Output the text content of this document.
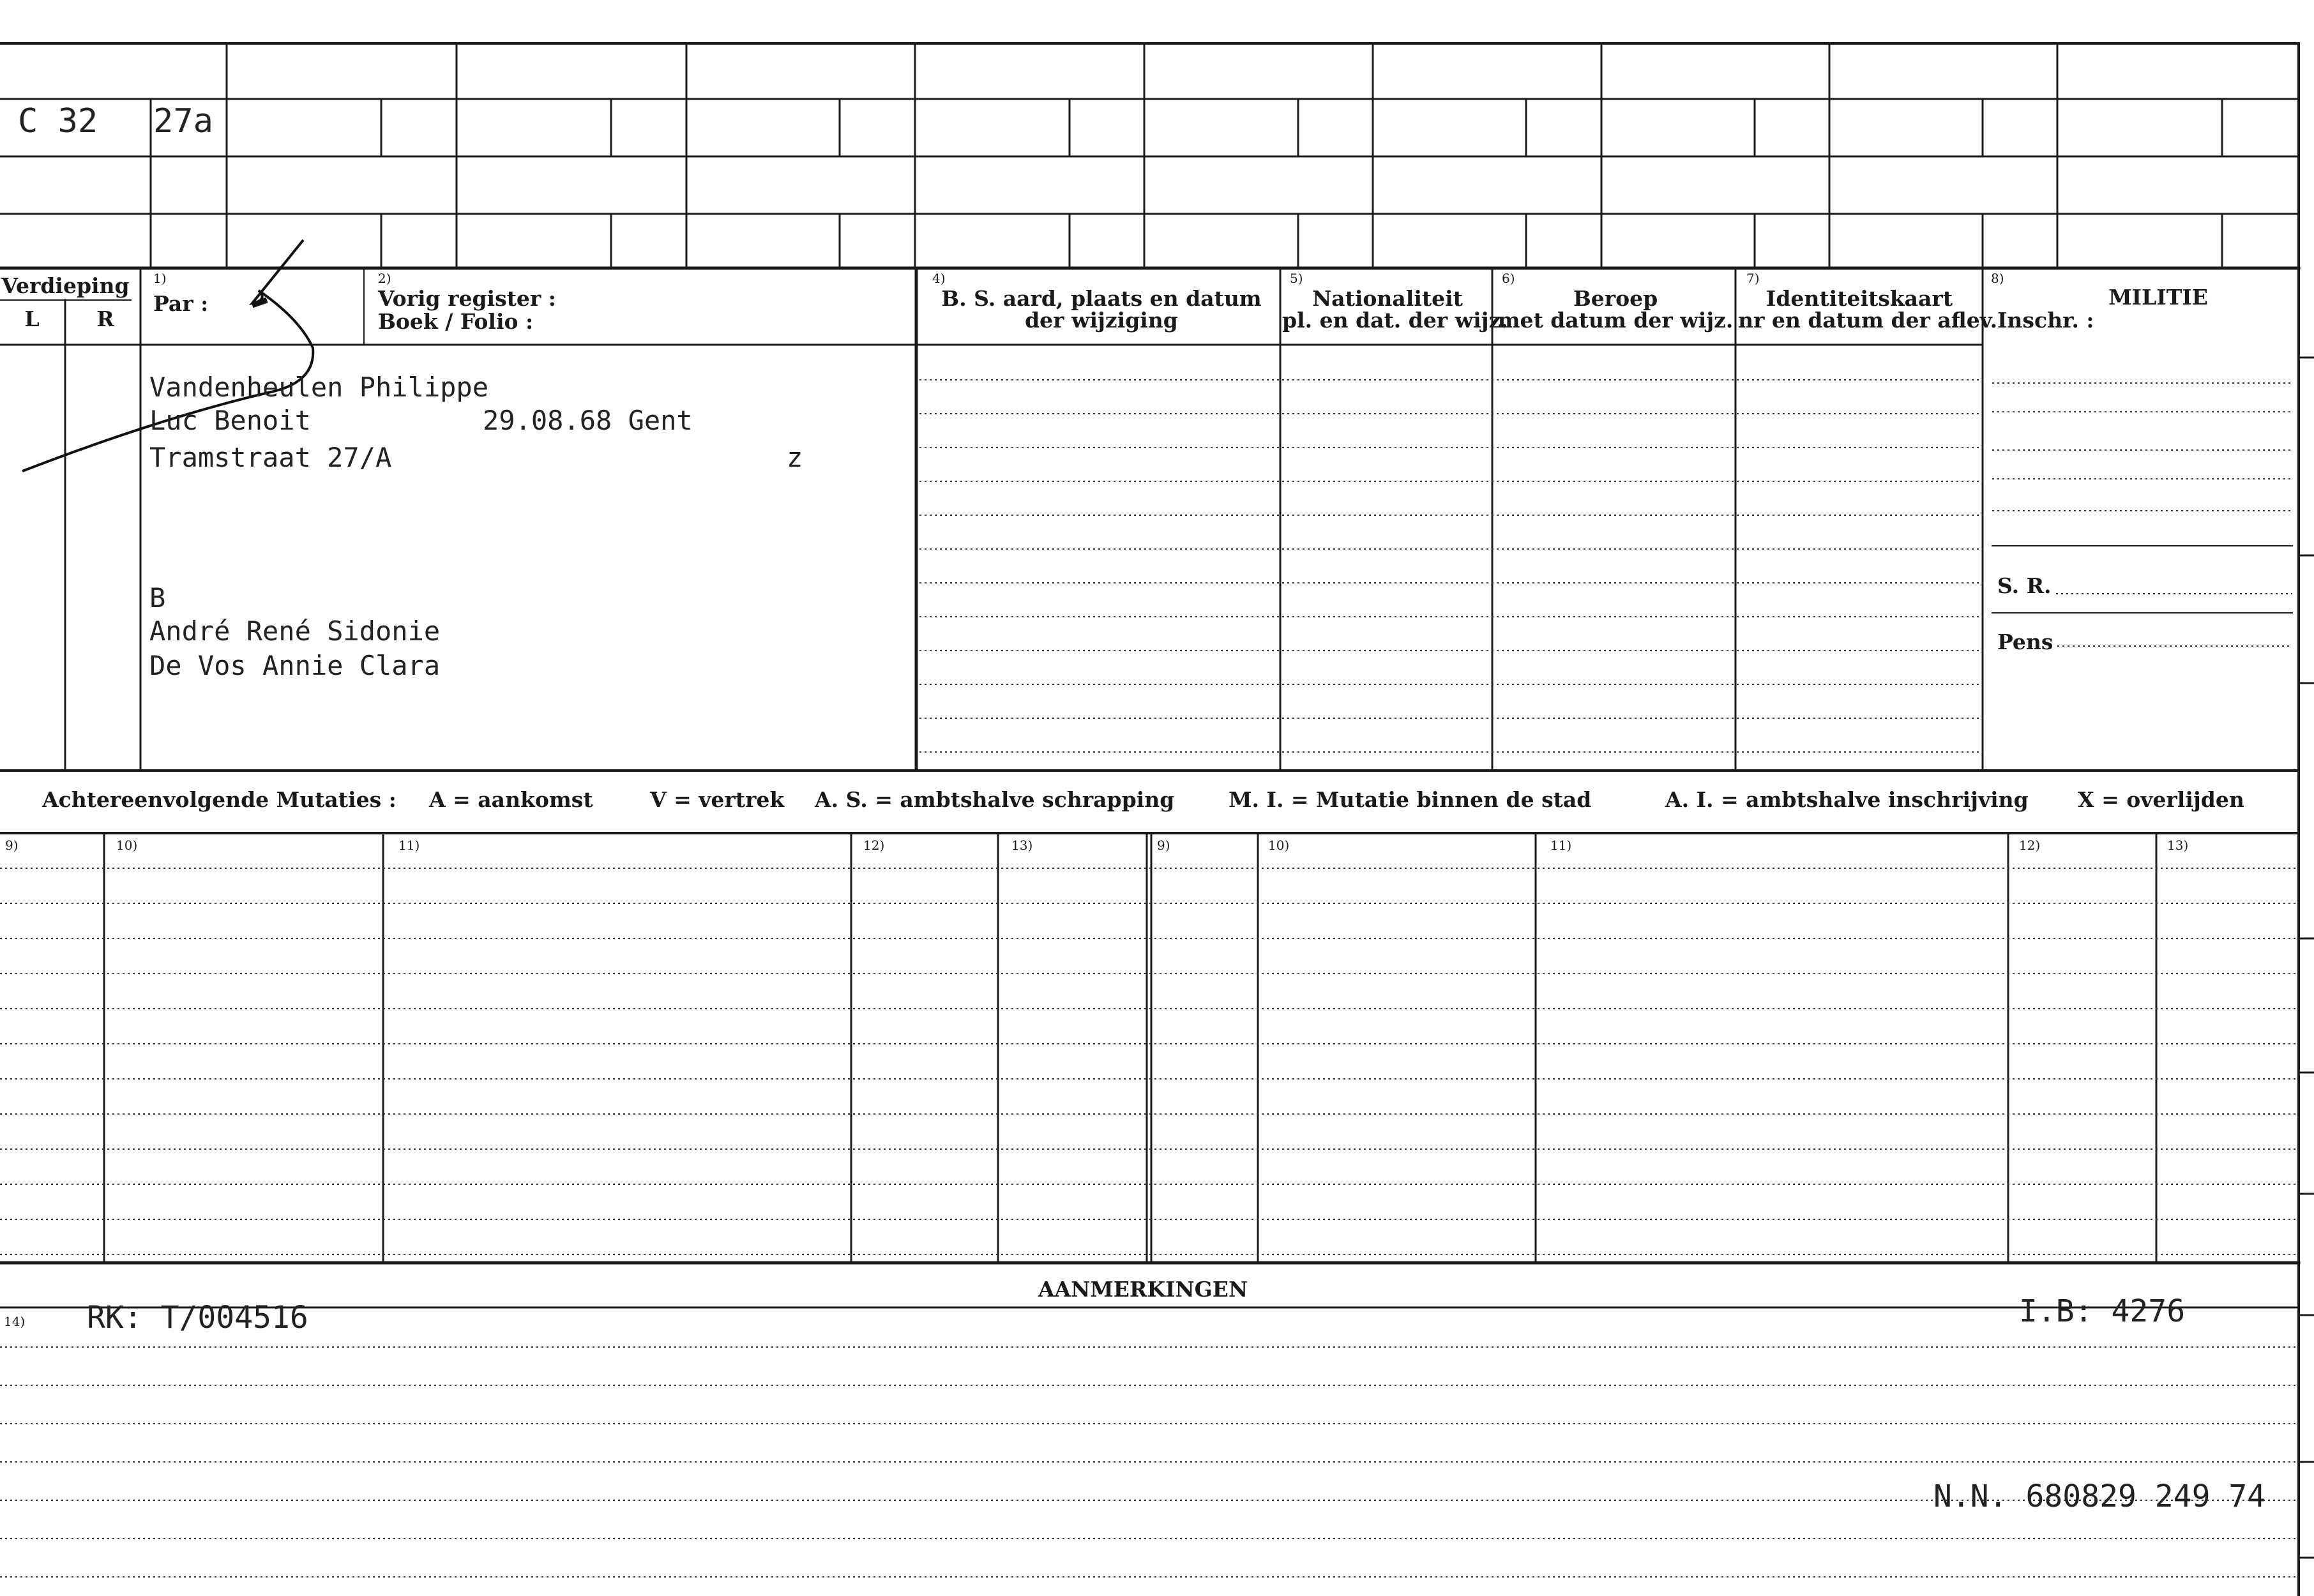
C 32 27a
Verdieping
L	R
1)
Par :
2)
Vorig register :
Boek / Folio :
4)
B. S. aard, plaats en datum
der wijziging
5)
Nationaliteit
pl. en dat. der wijz.
6)
Beroep
met datum der wijz.
7)
Identiteitskaart
nr en datum der aflev.
8)
MILITIE
Inschr. :
S. R.
Pens
Vandenheulen Philippe
Luc Benoit	29.08.68 Gent
Tramstraat 27/A	z
B
André René Sidonie
De Vos Annie Clara
Achtereenvolgende Mutaties : A = aankomst	V = vertrek A. S. = ambtshalve schrapping	M. I. = Mutatie binnen de stad	A. I. = ambtshalve inschrijving X = overlijden
9)	10)	11)	12)	13)	9)	10)	11)	12)	13)
AANMERKINGEN
14) RK: T/004516	I.B: 4276
N.N. 680829 249 74
